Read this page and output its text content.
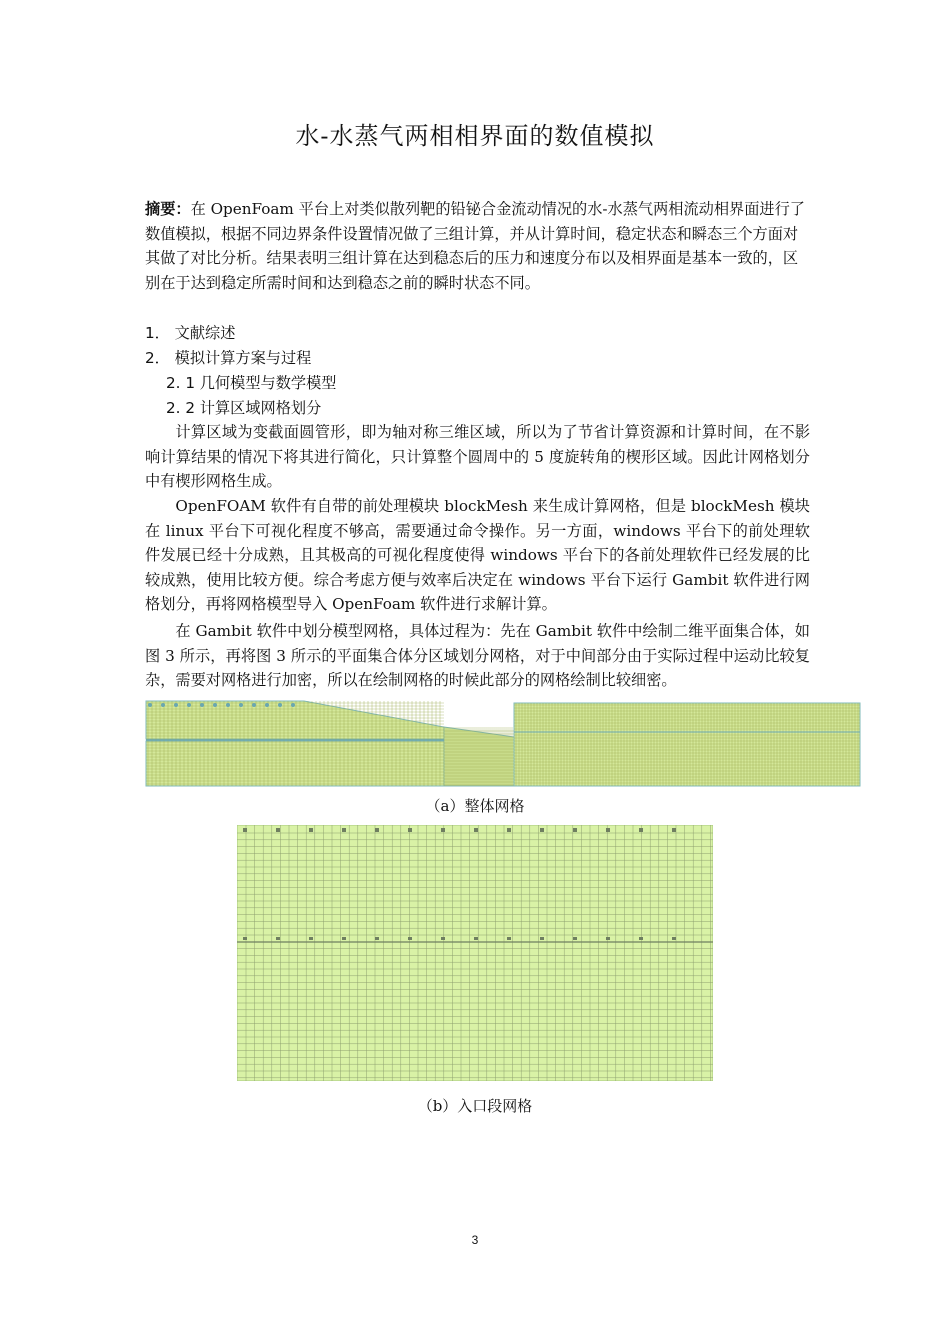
水-水蒸气两相相界面的数值模拟
摘要：在 OpenFoam 平台上对类似散列靶的铅铋合金流动情况的水-水蒸气两相流动相界面进行了数值模拟，根据不同边界条件设置情况做了三组计算，并从计算时间，稳定状态和瞬态三个方面对其做了对比分析。结果表明三组计算在达到稳态后的压力和速度分布以及相界面是基本一致的，区别在于达到稳定所需时间和达到稳态之前的瞬时状态不同。
1． 文献综述
2． 模拟计算方案与过程
2. 1 几何模型与数学模型
2. 2 计算区域网格划分
计算区域为变截面圆管形，即为轴对称三维区域，所以为了节省计算资源和计算时间，在不影响计算结果的情况下将其进行简化，只计算整个圆周中的 5 度旋转角的楔形区域。因此计网格划分中有楔形网格生成。
OpenFOAM 软件有自带的前处理模块 blockMesh 来生成计算网格，但是 blockMesh 模块在 linux 平台下可视化程度不够高，需要通过命令操作。另一方面，windows 平台下的前处理软件发展已经十分成熟，且其极高的可视化程度使得 windows 平台下的各前处理软件已经发展的比较成熟，使用比较方便。综合考虑方便与效率后决定在 windows 平台下运行 Gambit 软件进行网格划分，再将网格模型导入 OpenFoam 软件进行求解计算。
在 Gambit 软件中划分模型网格，具体过程为：先在 Gambit 软件中绘制二维平面集合体，如图 3 所示，再将图 3 所示的平面集合体分区域划分网格，对于中间部分由于实际过程中运动比较复杂，需要对网格进行加密，所以在绘制网格的时候此部分的网格绘制比较细密。
（a）整体网格
（b）入口段网格
3
